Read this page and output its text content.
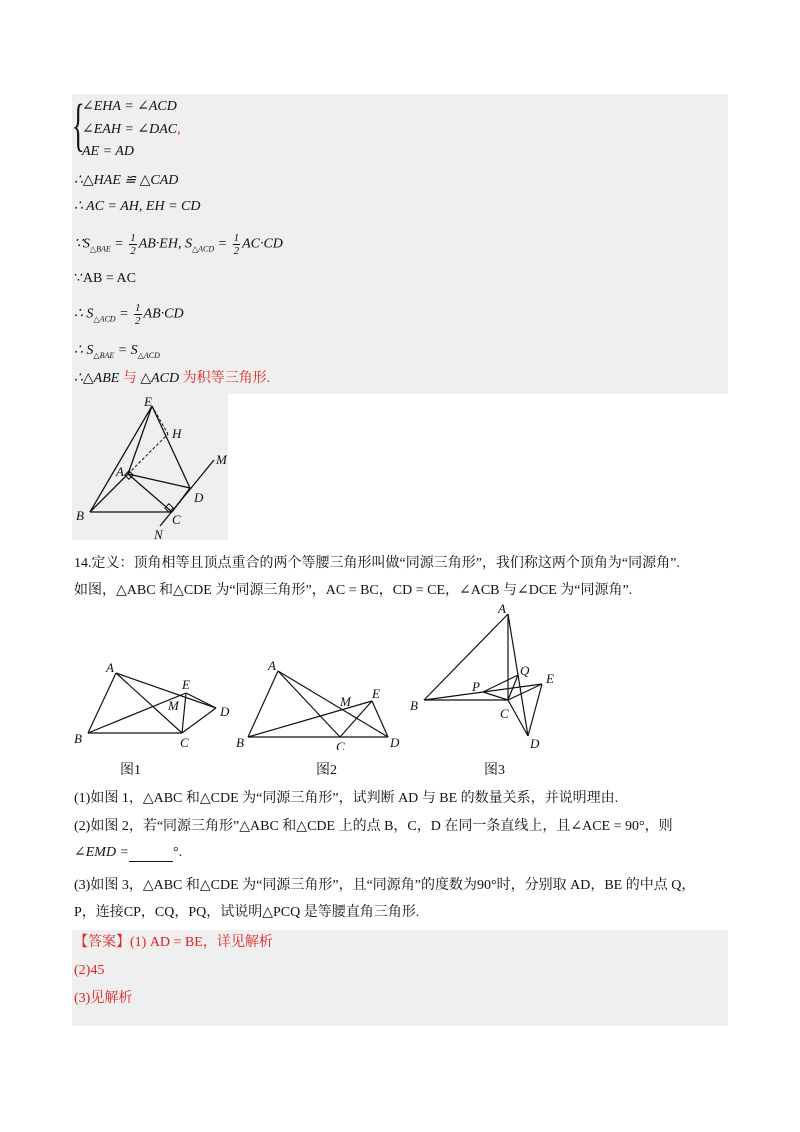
{
∠EHA = ∠ACD
∠EAH = ∠DAC,
AE = AD
∴△HAE ≌ △CAD
∴ AC = AH, EH = CD
$\because S_{\triangle BAE} = \frac{1}{2} AB\cdot EH$, $S_{\triangle ACD} = \frac{1}{2} AC\cdot CD$
∵AB = AC
∴ $S_{\triangle ACD} = \frac{1}{2} AB\cdot CD$
∴ $S_{\triangle BAE} = S_{\triangle ACD}$
∴△ABE 与 △ACD 为积等三角形.
E
H
A
M
D
B	C
N
14.定义：顶角相等且顶点重合的两个等腰三角形叫做“同源三角形”，我们称这两个顶角为“同源角”.
如图，△ABC 和△CDE 为“同源三角形”，AC = BC，CD = CE，∠ACB 与∠DCE 为“同源角”.
A
B	C
D
E
M
图1
A
B	C	D
E
M
图2
A
B
C
D
E
P
Q
图3
(1)如图 1，△ABC 和△CDE 为“同源三角形”，试判断 AD 与 BE 的数量关系，并说明理由.
(2)如图 2，若“同源三角形”△ABC 和△CDE 上的点 B，C，D 在同一条直线上，且∠ACE = 90°，则
∠EMD =	°.
(3)如图 3，△ABC 和△CDE 为“同源三角形”，且“同源角”的度数为90°时，分别取 AD，BE 的中点 Q，
P，连接CP，CQ，PQ，试说明△PCQ 是等腰直角三角形.
【答案】(1) AD = BE，详见解析
(2)45
(3)见解析
